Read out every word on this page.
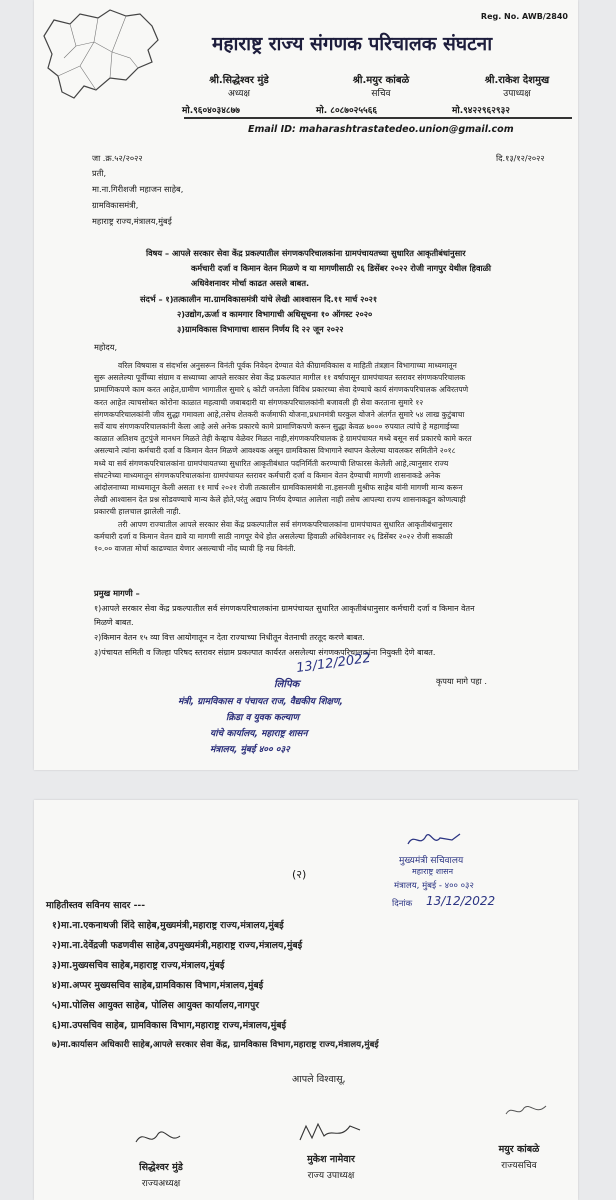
Reg. No. AWB/2840
महाराष्ट्र राज्य संगणक परिचालक संघटना
श्री.सिद्धेश्वर मुंडे
अध्यक्ष
मो.९६०४०३४८७७
श्री.मयुर कांबळे
सचिव
मो. ८०८७०२५५६६
श्री.राकेश देशमुख
उपाध्यक्ष
मो.९४२२९६२९३२
Email ID: maharashtrastatedeo.union@gmail.com
जा .क्र.५२/२०२२	दि.१३/१२/२०२२
प्रती,
मा.ना.गिरीशजी महाजन साहेब,
ग्रामविकासमंत्री,
महाराष्ट्र राज्य,मंत्रालय,मुंबई
विषय – आपले सरकार सेवा केंद्र प्रकल्पातील संगणकपरिचालकांना ग्रामपंचायतच्या सुधारित आकृतीबंधांनुसार
कर्मचारी दर्जा व किमान वेतन मिळणे व या मागणीसाठी २६ डिसेंबर २०२२ रोजी नागपुर येथील हिवाळी
अधिवेशनावर मोर्चा काढत असले बाबत.
संदर्भ – १)तत्कालीन मा.ग्रामविकासमंत्री यांचे लेखी आश्वासन दि.११ मार्च २०२१
२)उद्योग,ऊर्जा व कामगार विभागाची अधिसूचना १० ऑगस्ट २०२०
३)ग्रामविकास विभागाचा शासन निर्णय दि २२ जून २०२२
महोदय,
वरिल विषयास व संदर्भास अनुसरून विनंती पूर्वक निवेदन देण्यात येते कीग्रामविकास व माहिती तंत्रज्ञान विभागाच्या माध्यमातून
सुरू असलेल्या पूर्वीच्या संग्राम व सध्याच्या आपले सरकार सेवा केंद्र प्रकल्पात मागील ११ वर्षापासून ग्रामपंचायत स्तरावर संगणकपरिचालक
प्रामाणिकपणे काम करत आहेत,ग्रामीण भागातील सुमारे ६ कोटी जनतेला विविध प्रकारच्या सेवा देण्याचे कार्य संगणकपरिचालक अविरतपणे
करत आहेत त्याचसोबत कोरोना काळात महत्वाची जबाबदारी या संगणकपरिचालकांनी बजावली ही सेवा करताना सुमारे १२
संगणकपरिचालकांनी जीव सुद्धा गमावला आहे,तसेच शेतकरी कर्जमाफी योजना,प्रधानमंत्री घरकुल योजने अंतर्गत सुमारे ५४ लाख कुटुंबाचा
सर्वे याच संगणकपरिचालकांनी केला आहे असे अनेक प्रकारचे कामे प्रामाणिकपणे करून सुद्धा केवळ ७००० रुपयात त्यांचे हे महागाईच्या
काळात अतिशय तुटपुंजे मानधन मिळते तेही केव्हाच वेळेवर मिळत नाही,संगणकपरिचालक हे ग्रामपंचायत मध्ये बसून सर्व प्रकारचे कामे करत
असल्याने त्यांना कर्मचारी दर्जा व किमान वेतन मिळणे आवश्यक असून ग्रामविकास विभागाने स्थापन केलेल्या यावलकर समितीने २०१८
मध्ये या सर्व संगणकपरिचालकांना ग्रामपंचायतच्या सुधारित आकृतीबंधात पदनिर्मिती करण्याची शिफारस केलेली आहे,त्यानुसार राज्य
संघटनेच्या माध्यमातून संगणकपरिचालकांना ग्रामपंचायत स्तरावर कर्मचारी दर्जा व किमान वेतन देण्याची मागणी शासनाकडे अनेक
आंदोलनाच्या माध्यमातून केली असता ११ मार्च २०२१ रोजी तत्कालीन ग्रामविकासमंत्री ना.हसनजी मुश्रीफ साहेब यांनी मागणी मान्य करून
लेखी आश्वासन देत प्रश्न सोडवण्याचे मान्य केले होते,परंतु अद्याप निर्णय देण्यात आलेला नाही तसेच आपल्या राज्य शासनाकडून कोणत्याही
प्रकारची हालचाल झालेली नाही.
तरी आपण राज्यातील आपले सरकार सेवा केंद्र प्रकल्पातील सर्व संगणकपरिचालकांना ग्रामपंचायत सुधारित आकृतीबंधानुसार
कर्मचारी दर्जा व किमान वेतन द्यावे या मागणी साठी नागपूर येथे होत असलेल्या हिवाळी अधिवेशनावर २६ डिसेंबर २०२२ रोजी सकाळी
१०.०० वाजता मोर्चा काढण्यात येणार असल्याची नोंद घ्यावी हि नम्र विनंती.
प्रमुख मागणी –
१)आपले सरकार सेवा केंद्र प्रकल्पातील सर्व संगणकपरिचालकांना ग्रामपंचायत सुधारित आकृतीबंधानुसार कर्मचारी दर्जा व किमान वेतन
मिळणे बाबत.
२)किमान वेतन १५ व्या वित्त आयोगातून न देता राज्याच्या निधीतून वेतनाची तरतूद करणे बाबत.
३)पंचायत समिती व जिल्हा परिषद स्तरावर संग्राम प्रकल्पात कार्यरत असलेल्या संगणकपरिचालकांना नियुक्ती देणे बाबत.
कृपया मागे पहा .
13/12/2022
लिपिक
मंत्री, ग्रामविकास व पंचायत राज, वैद्यकीय शिक्षण,
क्रिडा व युवक कल्याण
यांचे कार्यालय, महाराष्ट्र शासन
मंत्रालय, मुंबई ४०० ०३२
(२)
मुख्यमंत्री सचिवालय
महाराष्ट्र शासन
मंत्रालय, मुंबई - ४०० ०३२
दिनांक 13/12/2022
माहितीस्तव सविनय सादर ---
१)मा.ना.एकनाथजी शिंदे साहेब,मुख्यमंत्री,महाराष्ट्र राज्य,मंत्रालय,मुंबई
२)मा.ना.देवेंद्रजी फडणवीस साहेब,उपमुख्यमंत्री,महाराष्ट्र राज्य,मंत्रालय,मुंबई
३)मा.मुख्यसचिव साहेब,महाराष्ट्र राज्य,मंत्रालय,मुंबई
४)मा.अप्पर मुख्यसचिव साहेब,ग्रामविकास विभाग,मंत्रालय,मुंबई
५)मा.पोलिस आयुक्त साहेब, पोलिस आयुक्त कार्यालय,नागपुर
६)मा.उपसचिव साहेब, ग्रामविकास विभाग,महाराष्ट्र राज्य,मंत्रालय,मुंबई
७)मा.कार्यासन अधिकारी साहेब,आपले सरकार सेवा केंद्र, ग्रामविकास विभाग,महाराष्ट्र राज्य,मंत्रालय,मुंबई
आपले विश्वासू,
सिद्धेश्वर मुंडे
राज्यअध्यक्ष
मुकेश नामेवार
राज्य उपाध्यक्ष
मयुर कांबळे
राज्यसचिव
